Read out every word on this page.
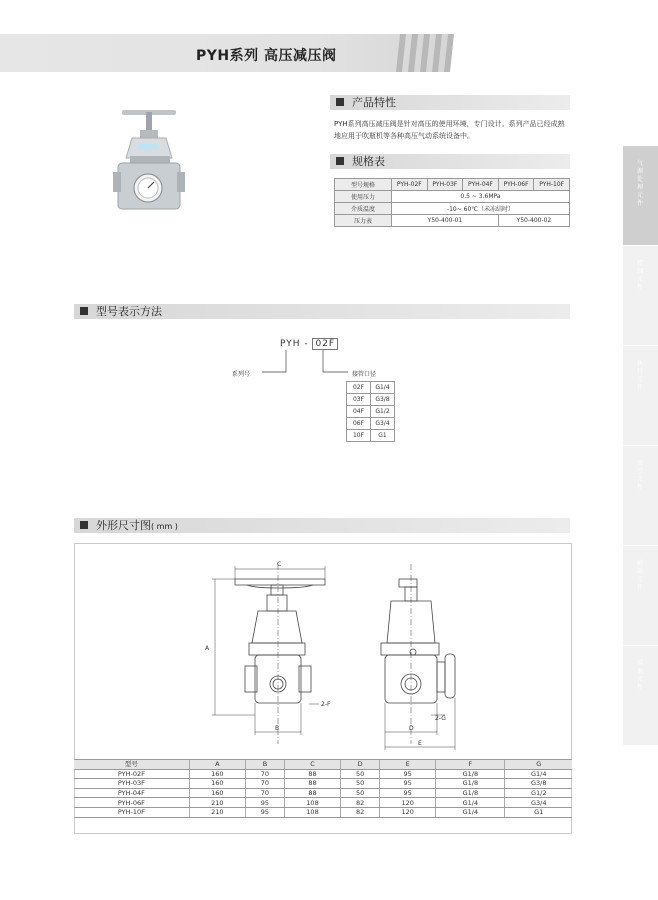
PYH系列 高压减压阀
产品特性
PYH系列高压减压阀是针对高压的使用环境，专门设计。系列产品已经成熟地应用于吹瓶机等各种高压气动系统设备中。
规格表
型号规格	PYH-02F	PYH-03F	PYH-04F	PYH-06F	PYH-10F
使用压力	0.5 ~ 3.6MPa				
介质温度	-10~ 60℃（未冻结时）				
压力表	Y50-400-01			Y50-400-02	
气源处理元件
控制元件
执行元件
真空元件
辅助元件
其他元件
型号表示方法
PYH - 02F
系列号	接管口径
02F	G1/4
03F	G3/8
04F	G1/2
06F	G3/4
10F	G1
外形尺寸图( mm )
C
A
B
2-F
D
E
2-G
型号	A	B	C	D	E	F	G
PYH-02F	160	70	88	50	95	G1/8	G1/4
PYH-03F	160	70	88	50	95	G1/8	G3/8
PYH-04F	160	70	88	50	95	G1/8	G1/2
PYH-06F	210	95	108	82	120	G1/4	G3/4
PYH-10F	210	95	108	82	120	G1/4	G1
